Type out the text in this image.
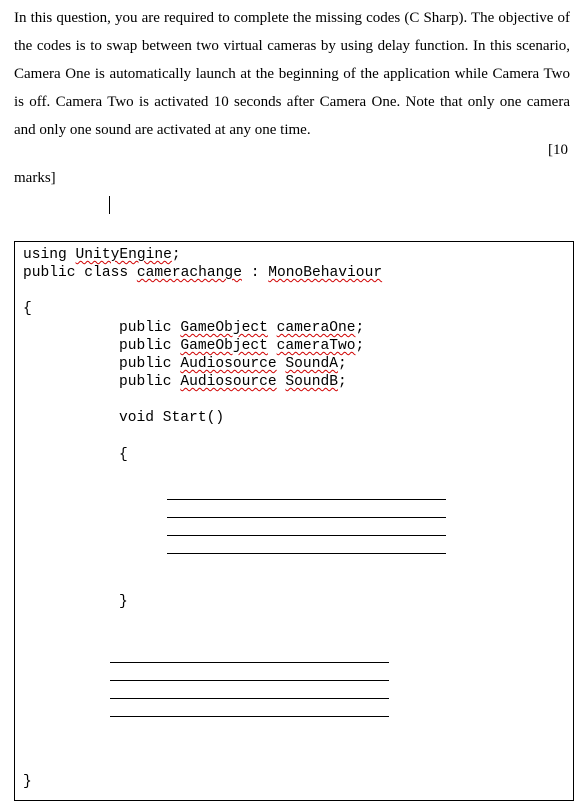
In this question, you are required to complete the missing codes (C Sharp). The objective of the codes is to swap between two virtual cameras by using delay function. In this scenario, Camera One is automatically launch at the beginning of the application while Camera Two is off. Camera Two is activated 10 seconds after Camera One. Note that only one camera and only one sound are activated at any one time.

[10
marks]
using UnityEngine;
public class camerachange : MonoBehaviour
{
public GameObject cameraOne;
public GameObject cameraTwo;
public Audiosource SoundA;
public Audiosource SoundB;
void Start()
{
}
}
